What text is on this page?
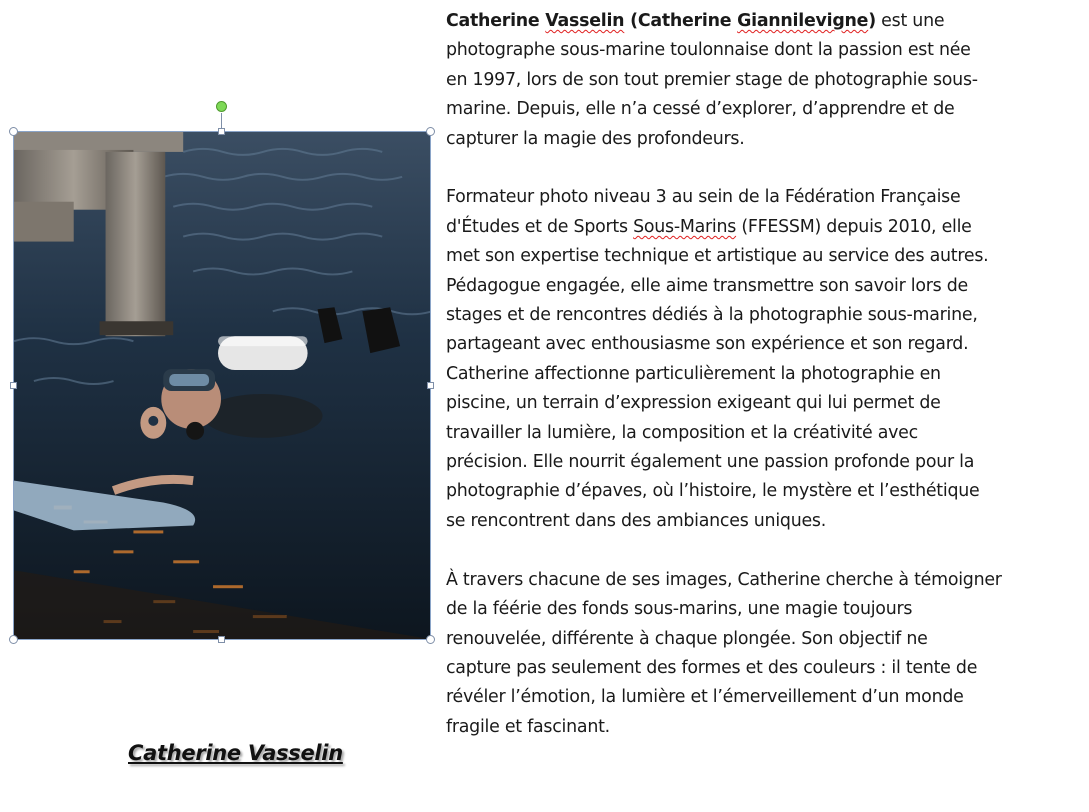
Catherine Vasselin

Catherine Vasselin (Catherine Giannilevigne) est une

photographe sous-marine toulonnaise dont la passion est née

en 1997, lors de son tout premier stage de photographie sous-

marine. Depuis, elle n’a cessé d’explorer, d’apprendre et de

capturer la magie des profondeurs.

Formateur photo niveau 3 au sein de la Fédération Française

d'Études et de Sports Sous-Marins (FFESSM) depuis 2010, elle

met son expertise technique et artistique au service des autres.

Pédagogue engagée, elle aime transmettre son savoir lors de

stages et de rencontres dédiés à la photographie sous-marine,

partageant avec enthousiasme son expérience et son regard.

Catherine affectionne particulièrement la photographie en

piscine, un terrain d’expression exigeant qui lui permet de

travailler la lumière, la composition et la créativité avec

précision. Elle nourrit également une passion profonde pour la

photographie d’épaves, où l’histoire, le mystère et l’esthétique

se rencontrent dans des ambiances uniques.

À travers chacune de ses images, Catherine cherche à témoigner

de la féérie des fonds sous-marins, une magie toujours

renouvelée, différente à chaque plongée. Son objectif ne

capture pas seulement des formes et des couleurs : il tente de

révéler l’émotion, la lumière et l’émerveillement d’un monde

fragile et fascinant.
